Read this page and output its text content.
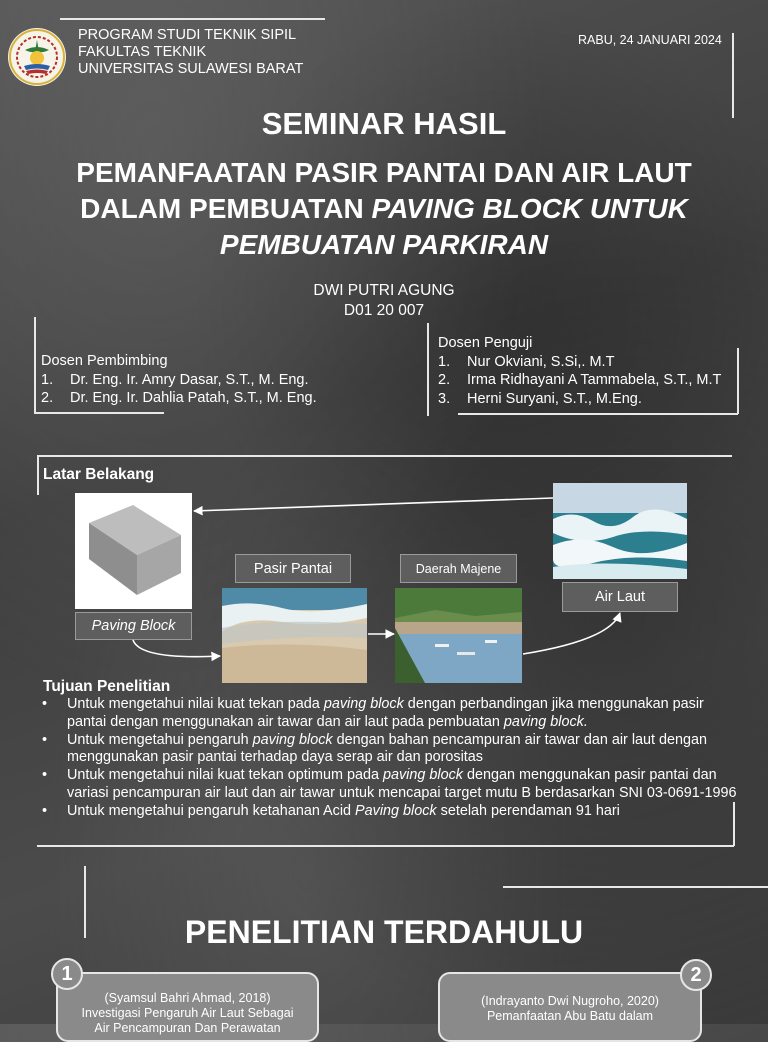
PROGRAM STUDI TEKNIK SIPIL
FAKULTAS TEKNIK
UNIVERSITAS SULAWESI BARAT
RABU, 24 JANUARI 2024
SEMINAR HASIL
PEMANFAATAN PASIR PANTAI DAN AIR LAUT
DALAM PEMBUATAN PAVING BLOCK UNTUK
PEMBUATAN PARKIRAN
DWI PUTRI AGUNG
D01 20 007
Dosen Pembimbing
1. Dr. Eng. Ir. Amry Dasar, S.T., M. Eng.
2. Dr. Eng. Ir. Dahlia Patah, S.T., M. Eng.
Dosen Penguji
1. Nur Okviani, S.Si,. M.T
2. Irma Ridhayani A Tammabela, S.T., M.T
3. Herni Suryani, S.T., M.Eng.
Latar Belakang
Paving Block
Pasir Pantai	Daerah Majene
Air Laut
Tujuan Penelitian
• Untuk mengetahui nilai kuat tekan pada paving block dengan perbandingan jika menggunakan pasir pantai dengan menggunakan air tawar dan air laut pada pembuatan paving block.
• Untuk mengetahui pengaruh paving block dengan bahan pencampuran air tawar dan air laut dengan menggunakan pasir pantai terhadap daya serap air dan porositas
• Untuk mengetahui nilai kuat tekan optimum pada paving block dengan menggunakan pasir pantai dan variasi pencampuran air laut dan air tawar untuk mencapai target mutu B berdasarkan SNI 03-0691-1996
• Untuk mengetahui pengaruh ketahanan Acid Paving block setelah perendaman 91 hari
PENELITIAN TERDAHULU
(Syamsul Bahri Ahmad, 2018)
Investigasi Pengaruh Air Laut Sebagai
Air Pencampuran Dan Perawatan
1
(Indrayanto Dwi Nugroho, 2020)
Pemanfaatan Abu Batu dalam
2
